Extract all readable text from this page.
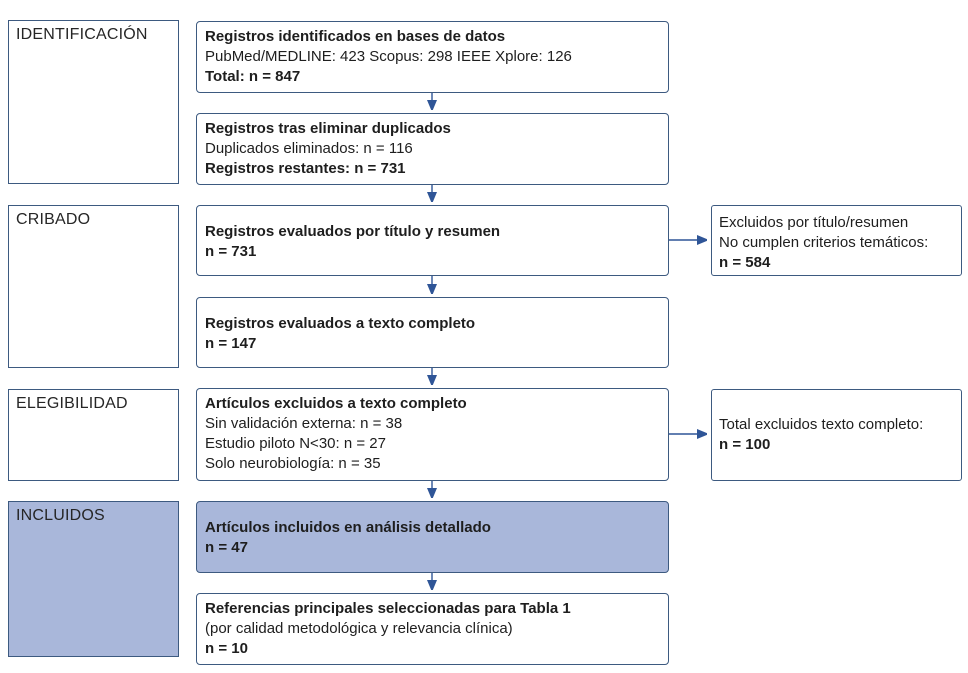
IDENTIFICACIÓN
CRIBADO
ELEGIBILIDAD
INCLUIDOS
Registros identificados en bases de datos
PubMed/MEDLINE: 423 Scopus: 298 IEEE Xplore: 126
Total: n = 847
Registros tras eliminar duplicados
Duplicados eliminados: n = 116
Registros restantes: n = 731
Registros evaluados por título y resumen
n = 731
Registros evaluados a texto completo
n = 147
Artículos excluidos a texto completo
Sin validación externa: n = 38
Estudio piloto N<30: n = 27
Solo neurobiología: n = 35
Artículos incluidos en análisis detallado
n = 47
Referencias principales seleccionadas para Tabla 1
(por calidad metodológica y relevancia clínica)
n = 10
Excluidos por título/resumen
No cumplen criterios temáticos:
n = 584
Total excluidos texto completo:
n = 100
